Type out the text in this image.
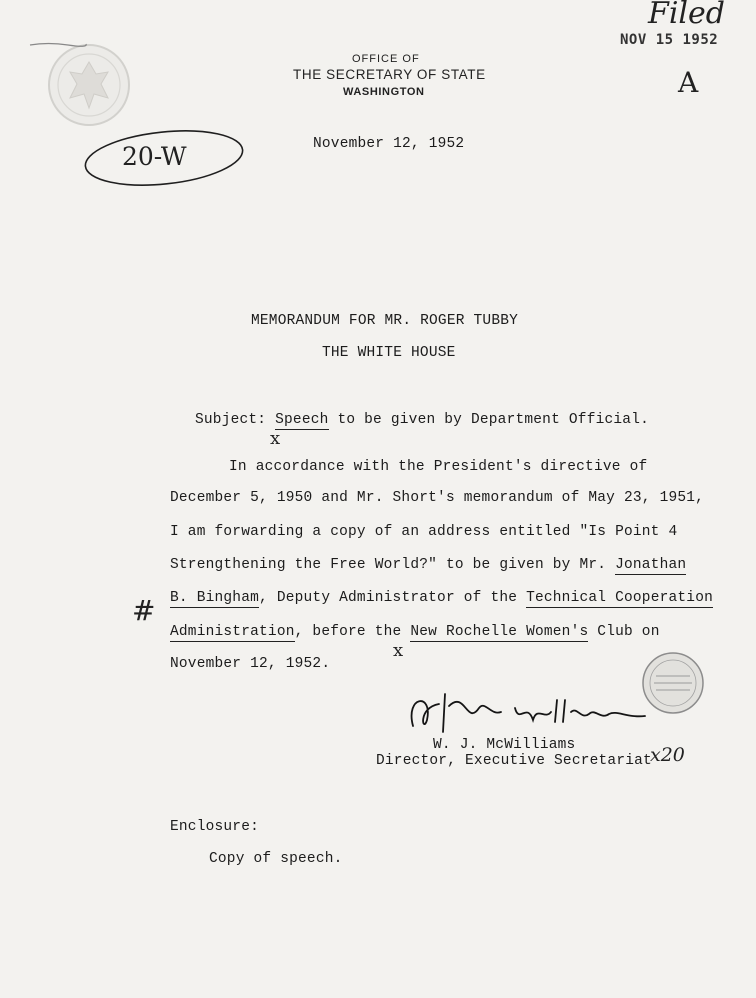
OFFICE OF
THE SECRETARY OF STATE
WASHINGTON
Filed
NOV 15 1952
A
20-W	November 12, 1952
MEMORANDUM FOR MR. ROGER TUBBY
THE WHITE HOUSE
Subject: Speech to be given by Department Official.
x
In accordance with the President's directive of
December 5, 1950 and Mr. Short's memorandum of May 23, 1951,
I am forwarding a copy of an address entitled "Is Point 4
Strengthening the Free World?" to be given by Mr. Jonathan
# B. Bingham, Deputy Administrator of the Technical Cooperation
Administration, before the New Rochelle Women's Club on
x
November 12, 1952.
W. J. McWilliams
Director, Executive Secretariat
x20
Enclosure:
Copy of speech.
